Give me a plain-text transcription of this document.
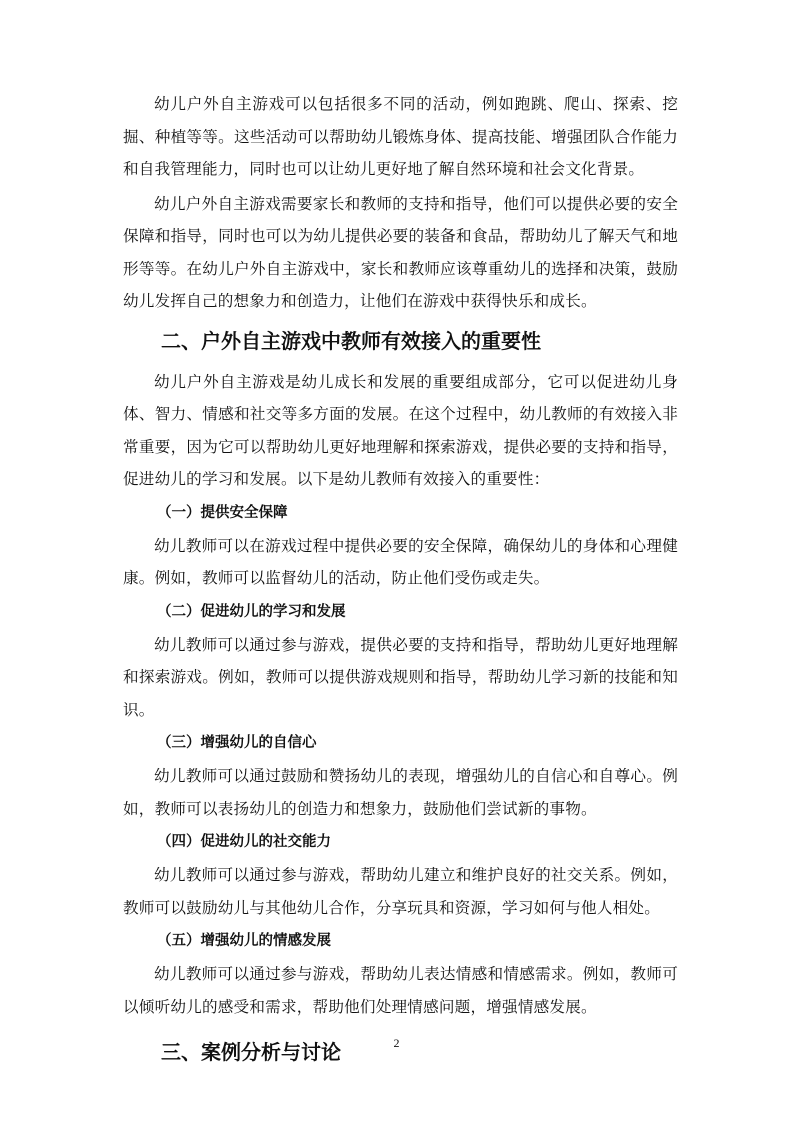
幼儿户外自主游戏可以包括很多不同的活动，例如跑跳、爬山、探索、挖掘、种植等等。这些活动可以帮助幼儿锻炼身体、提高技能、增强团队合作能力和自我管理能力，同时也可以让幼儿更好地了解自然环境和社会文化背景。

幼儿户外自主游戏需要家长和教师的支持和指导，他们可以提供必要的安全保障和指导，同时也可以为幼儿提供必要的装备和食品，帮助幼儿了解天气和地形等等。在幼儿户外自主游戏中，家长和教师应该尊重幼儿的选择和决策，鼓励幼儿发挥自己的想象力和创造力，让他们在游戏中获得快乐和成长。

二、户外自主游戏中教师有效接入的重要性

幼儿户外自主游戏是幼儿成长和发展的重要组成部分，它可以促进幼儿身体、智力、情感和社交等多方面的发展。在这个过程中，幼儿教师的有效接入非常重要，因为它可以帮助幼儿更好地理解和探索游戏，提供必要的支持和指导，促进幼儿的学习和发展。以下是幼儿教师有效接入的重要性：

（一）提供安全保障

幼儿教师可以在游戏过程中提供必要的安全保障，确保幼儿的身体和心理健康。例如，教师可以监督幼儿的活动，防止他们受伤或走失。

（二）促进幼儿的学习和发展

幼儿教师可以通过参与游戏，提供必要的支持和指导，帮助幼儿更好地理解和探索游戏。例如，教师可以提供游戏规则和指导，帮助幼儿学习新的技能和知识。

（三）增强幼儿的自信心

幼儿教师可以通过鼓励和赞扬幼儿的表现，增强幼儿的自信心和自尊心。例如，教师可以表扬幼儿的创造力和想象力，鼓励他们尝试新的事物。

（四）促进幼儿的社交能力

幼儿教师可以通过参与游戏，帮助幼儿建立和维护良好的社交关系。例如，教师可以鼓励幼儿与其他幼儿合作，分享玩具和资源，学习如何与他人相处。

（五）增强幼儿的情感发展

幼儿教师可以通过参与游戏，帮助幼儿表达情感和情感需求。例如，教师可以倾听幼儿的感受和需求，帮助他们处理情感问题，增强情感发展。

三、案例分析与讨论	2
